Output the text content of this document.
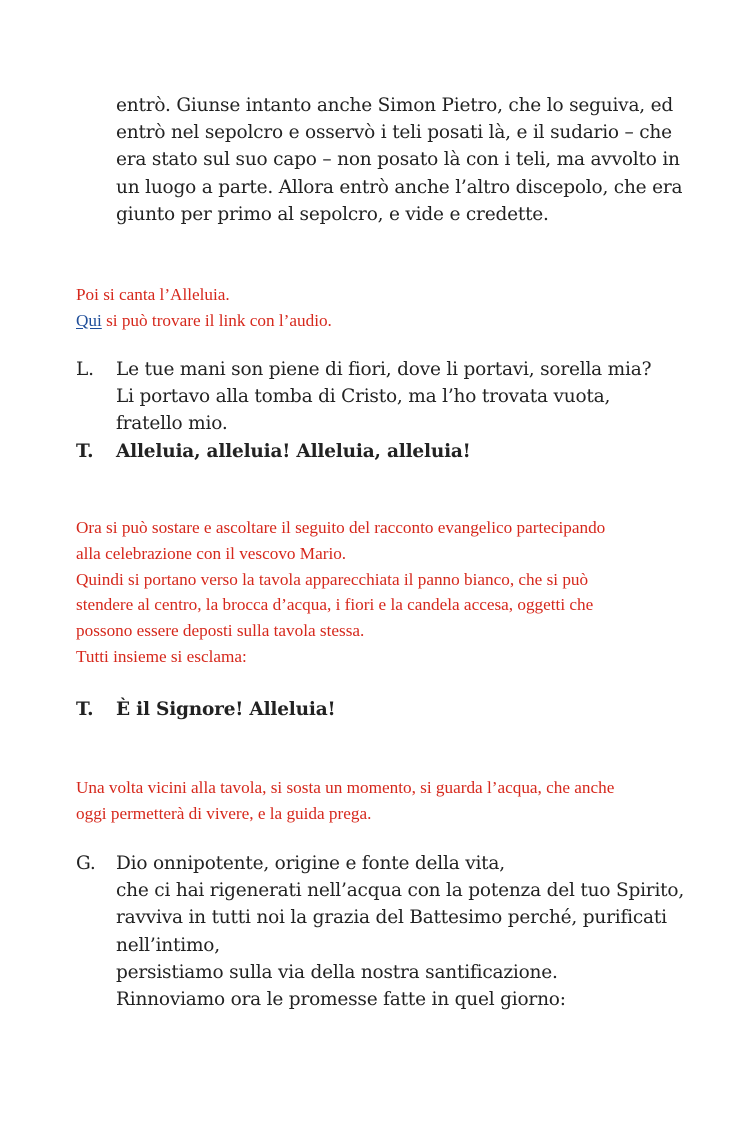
entrò. Giunse intanto anche Simon Pietro, che lo seguiva, ed
entrò nel sepolcro e osservò i teli posati là, e il sudario – che
era stato sul suo capo – non posato là con i teli, ma avvolto in
un luogo a parte. Allora entrò anche l’altro discepolo, che era
giunto per primo al sepolcro, e vide e credette.
Poi si canta l’Alleluia.
Qui si può trovare il link con l’audio.
L. Le tue mani son piene di fiori, dove li portavi, sorella mia?
Li portavo alla tomba di Cristo, ma l’ho trovata vuota,
fratello mio.
T. Alleluia, alleluia! Alleluia, alleluia!
Ora si può sostare e ascoltare il seguito del racconto evangelico partecipando
alla celebrazione con il vescovo Mario.
Quindi si portano verso la tavola apparecchiata il panno bianco, che si può
stendere al centro, la brocca d’acqua, i fiori e la candela accesa, oggetti che
possono essere deposti sulla tavola stessa.
Tutti insieme si esclama:
T. È il Signore! Alleluia!
Una volta vicini alla tavola, si sosta un momento, si guarda l’acqua, che anche
oggi permetterà di vivere, e la guida prega.
G. Dio onnipotente, origine e fonte della vita,
che ci hai rigenerati nell’acqua con la potenza del tuo Spirito,
ravviva in tutti noi la grazia del Battesimo perché, purificati
nell’intimo,
persistiamo sulla via della nostra santificazione.
Rinnoviamo ora le promesse fatte in quel giorno:
